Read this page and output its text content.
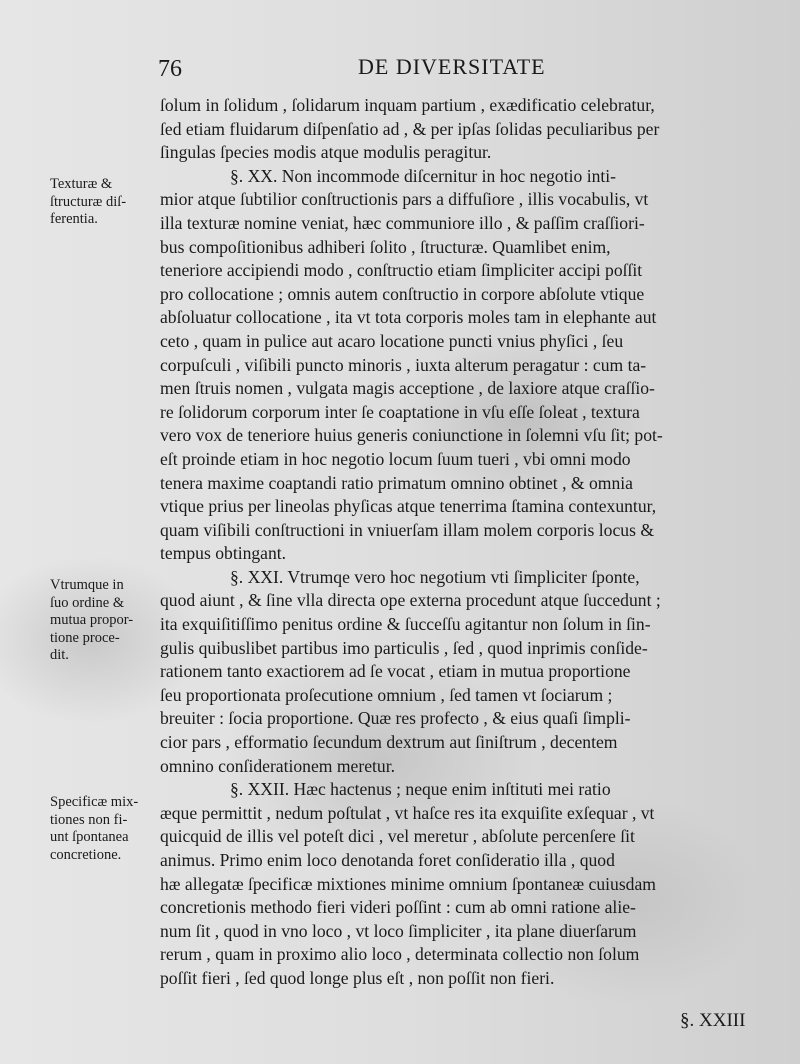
76	DE DIVERSITATE
Texturæ &
ſtructuræ diſ-
ferentia.
Vtrumque in
ſuo ordine &
mutua propor-
tione proce-
dit.
Specificæ mix-
tiones non fi-
unt ſpontanea
concretione.
ſolum in ſolidum , ſolidarum inquam partium , exædificatio celebratur,
ſed etiam fluidarum diſpenſatio ad , & per ipſas ſolidas peculiaribus per
ſingulas ſpecies modis atque modulis peragitur.
§. XX. Non incommode diſcernitur in hoc negotio inti-
mior atque ſubtilior conſtructionis pars a diffuſiore , illis vocabulis, vt
illa texturæ nomine veniat, hæc communiore illo , & paſſim craſſiori-
bus compoſitionibus adhiberi ſolito , ſtructuræ. Quamlibet enim,
teneriore accipiendi modo , conſtructio etiam ſimpliciter accipi poſſit
pro collocatione ; omnis autem conſtructio in corpore abſolute vtique
abſoluatur collocatione , ita vt tota corporis moles tam in elephante aut
ceto , quam in pulice aut acaro locatione puncti vnius phyſici , ſeu
corpuſculi , viſibili puncto minoris , iuxta alterum peragatur : cum ta-
men ſtruis nomen , vulgata magis acceptione , de laxiore atque craſſio-
re ſolidorum corporum inter ſe coaptatione in vſu eſſe ſoleat , textura
vero vox de teneriore huius generis coniunctione in ſolemni vſu ſit; pot-
eſt proinde etiam in hoc negotio locum ſuum tueri , vbi omni modo
tenera maxime coaptandi ratio primatum omnino obtinet , & omnia
vtique prius per lineolas phyſicas atque tenerrima ſtamina contexuntur,
quam viſibili conſtructioni in vniuerſam illam molem corporis locus &
tempus obtingant.
§. XXI. Vtrumqe vero hoc negotium vti ſimpliciter ſponte,
quod aiunt , & ſine vlla directa ope externa procedunt atque ſuccedunt ;
ita exquiſitiſſimo penitus ordine & ſucceſſu agitantur non ſolum in ſin-
gulis quibuslibet partibus imo particulis , ſed , quod inprimis conſide-
rationem tanto exactiorem ad ſe vocat , etiam in mutua proportione
ſeu proportionata proſecutione omnium , ſed tamen vt ſociarum ;
breuiter : ſocia proportione. Quæ res profecto , & eius quaſi ſimpli-
cior pars , efformatio ſecundum dextrum aut ſiniſtrum , decentem
omnino conſiderationem meretur.
§. XXII. Hæc hactenus ; neque enim inſtituti mei ratio
æque permittit , nedum poſtulat , vt haſce res ita exquiſite exſequar , vt
quicquid de illis vel poteſt dici , vel meretur , abſolute percenſere ſit
animus. Primo enim loco denotanda foret conſideratio illa , quod
hæ allegatæ ſpecificæ mixtiones minime omnium ſpontaneæ cuiusdam
concretionis methodo fieri videri poſſint : cum ab omni ratione alie-
num ſit , quod in vno loco , vt loco ſimpliciter , ita plane diuerſarum
rerum , quam in proximo alio loco , determinata collectio non ſolum
poſſit fieri , ſed quod longe plus eſt , non poſſit non fieri.
§. XXIII
